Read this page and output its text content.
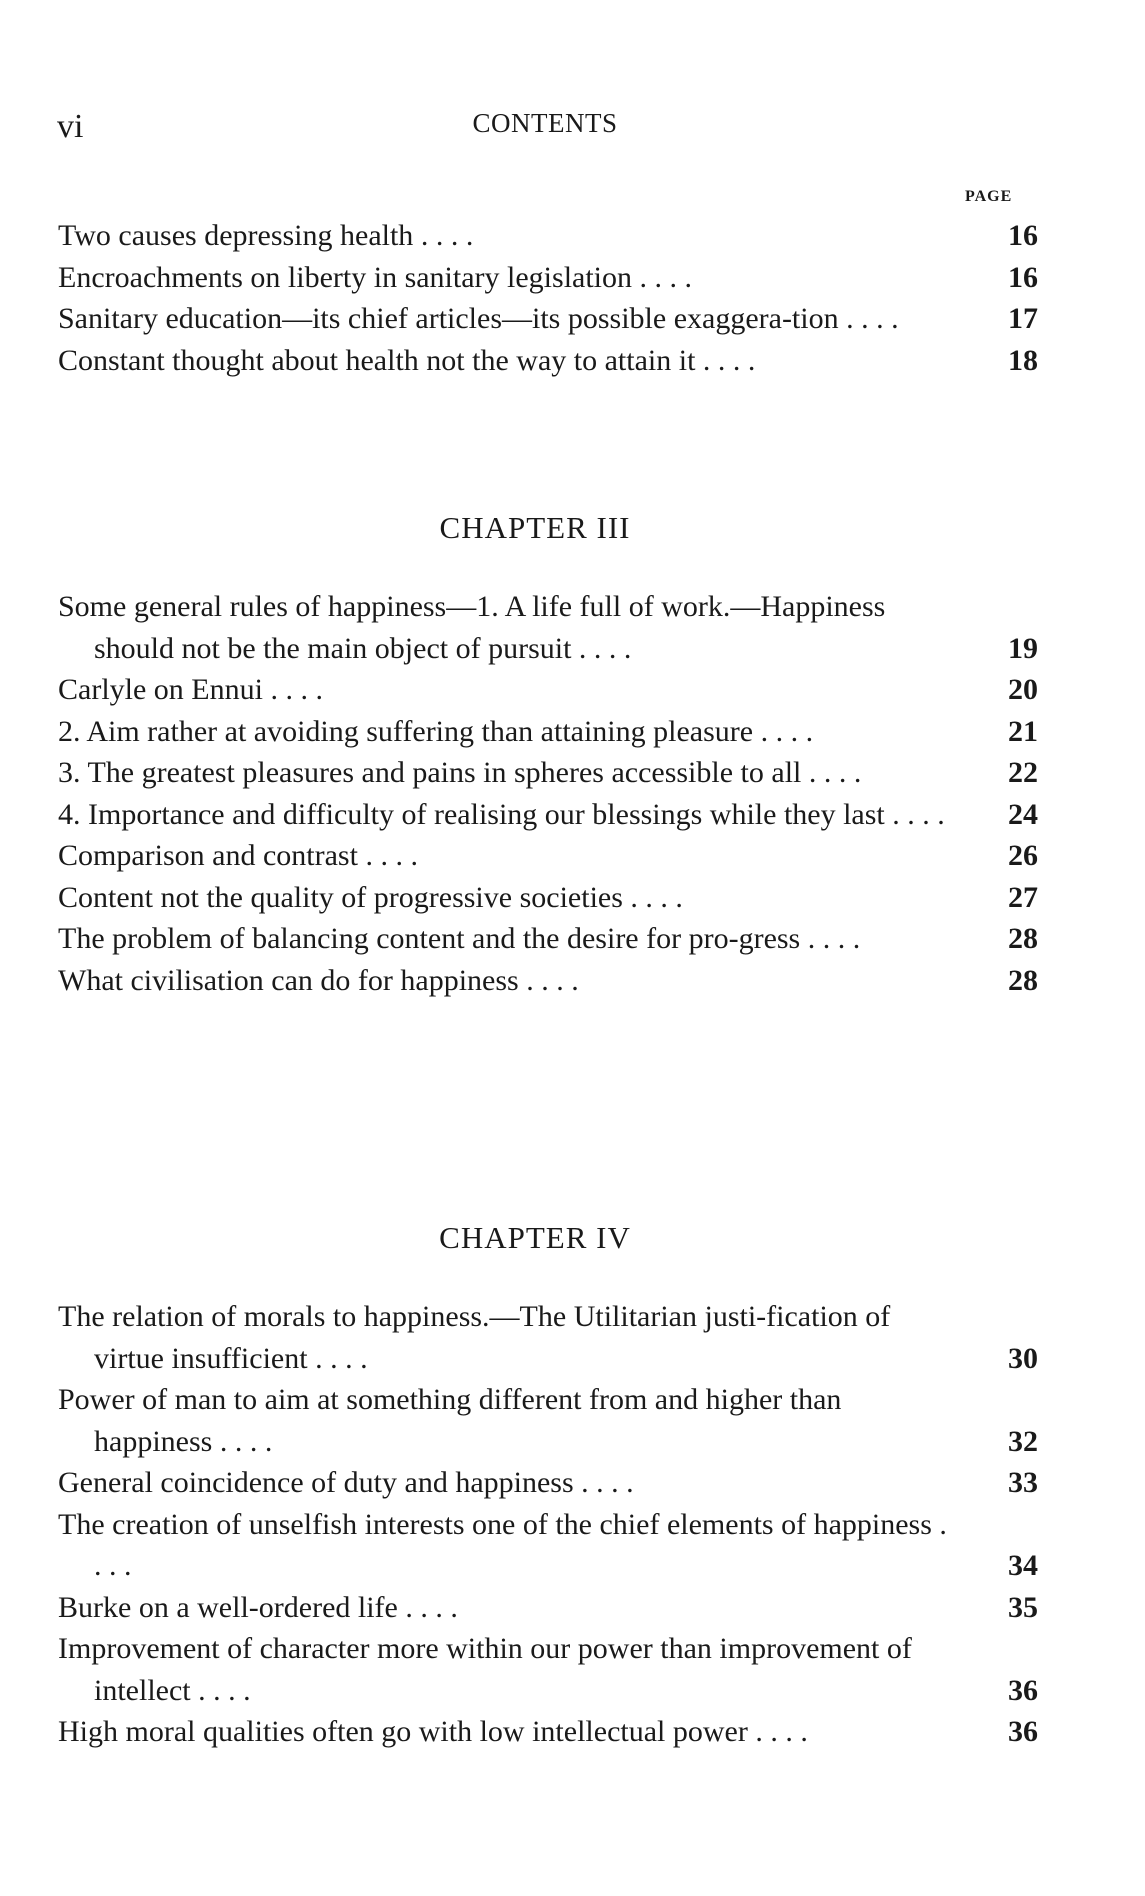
vi	CONTENTS
PAGE
Two causes depressing health . . . .	16
Encroachments on liberty in sanitary legislation . . . .	16
Sanitary education—its chief articles—its possible exaggera-tion . . . .	17
Constant thought about health not the way to attain it . . . .	18
CHAPTER III
Some general rules of happiness—1. A life full of work.—Happiness should not be the main object of pursuit . . . .	19
Carlyle on Ennui . . . .	20
2. Aim rather at avoiding suffering than attaining pleasure . . . .	21
3. The greatest pleasures and pains in spheres accessible to all . . . .	22
4. Importance and difficulty of realising our blessings while they last . . . .	24
Comparison and contrast . . . .	26
Content not the quality of progressive societies . . . .	27
The problem of balancing content and the desire for pro-gress . . . .	28
What civilisation can do for happiness . . . .	28
CHAPTER IV
The relation of morals to happiness.—The Utilitarian justi-fication of virtue insufficient . . . .	30
Power of man to aim at something different from and higher than happiness . . . .	32
General coincidence of duty and happiness . . . .	33
The creation of unselfish interests one of the chief elements of happiness . . . .	34
Burke on a well-ordered life . . . .	35
Improvement of character more within our power than improvement of intellect . . . .	36
High moral qualities often go with low intellectual power . . . .	36
